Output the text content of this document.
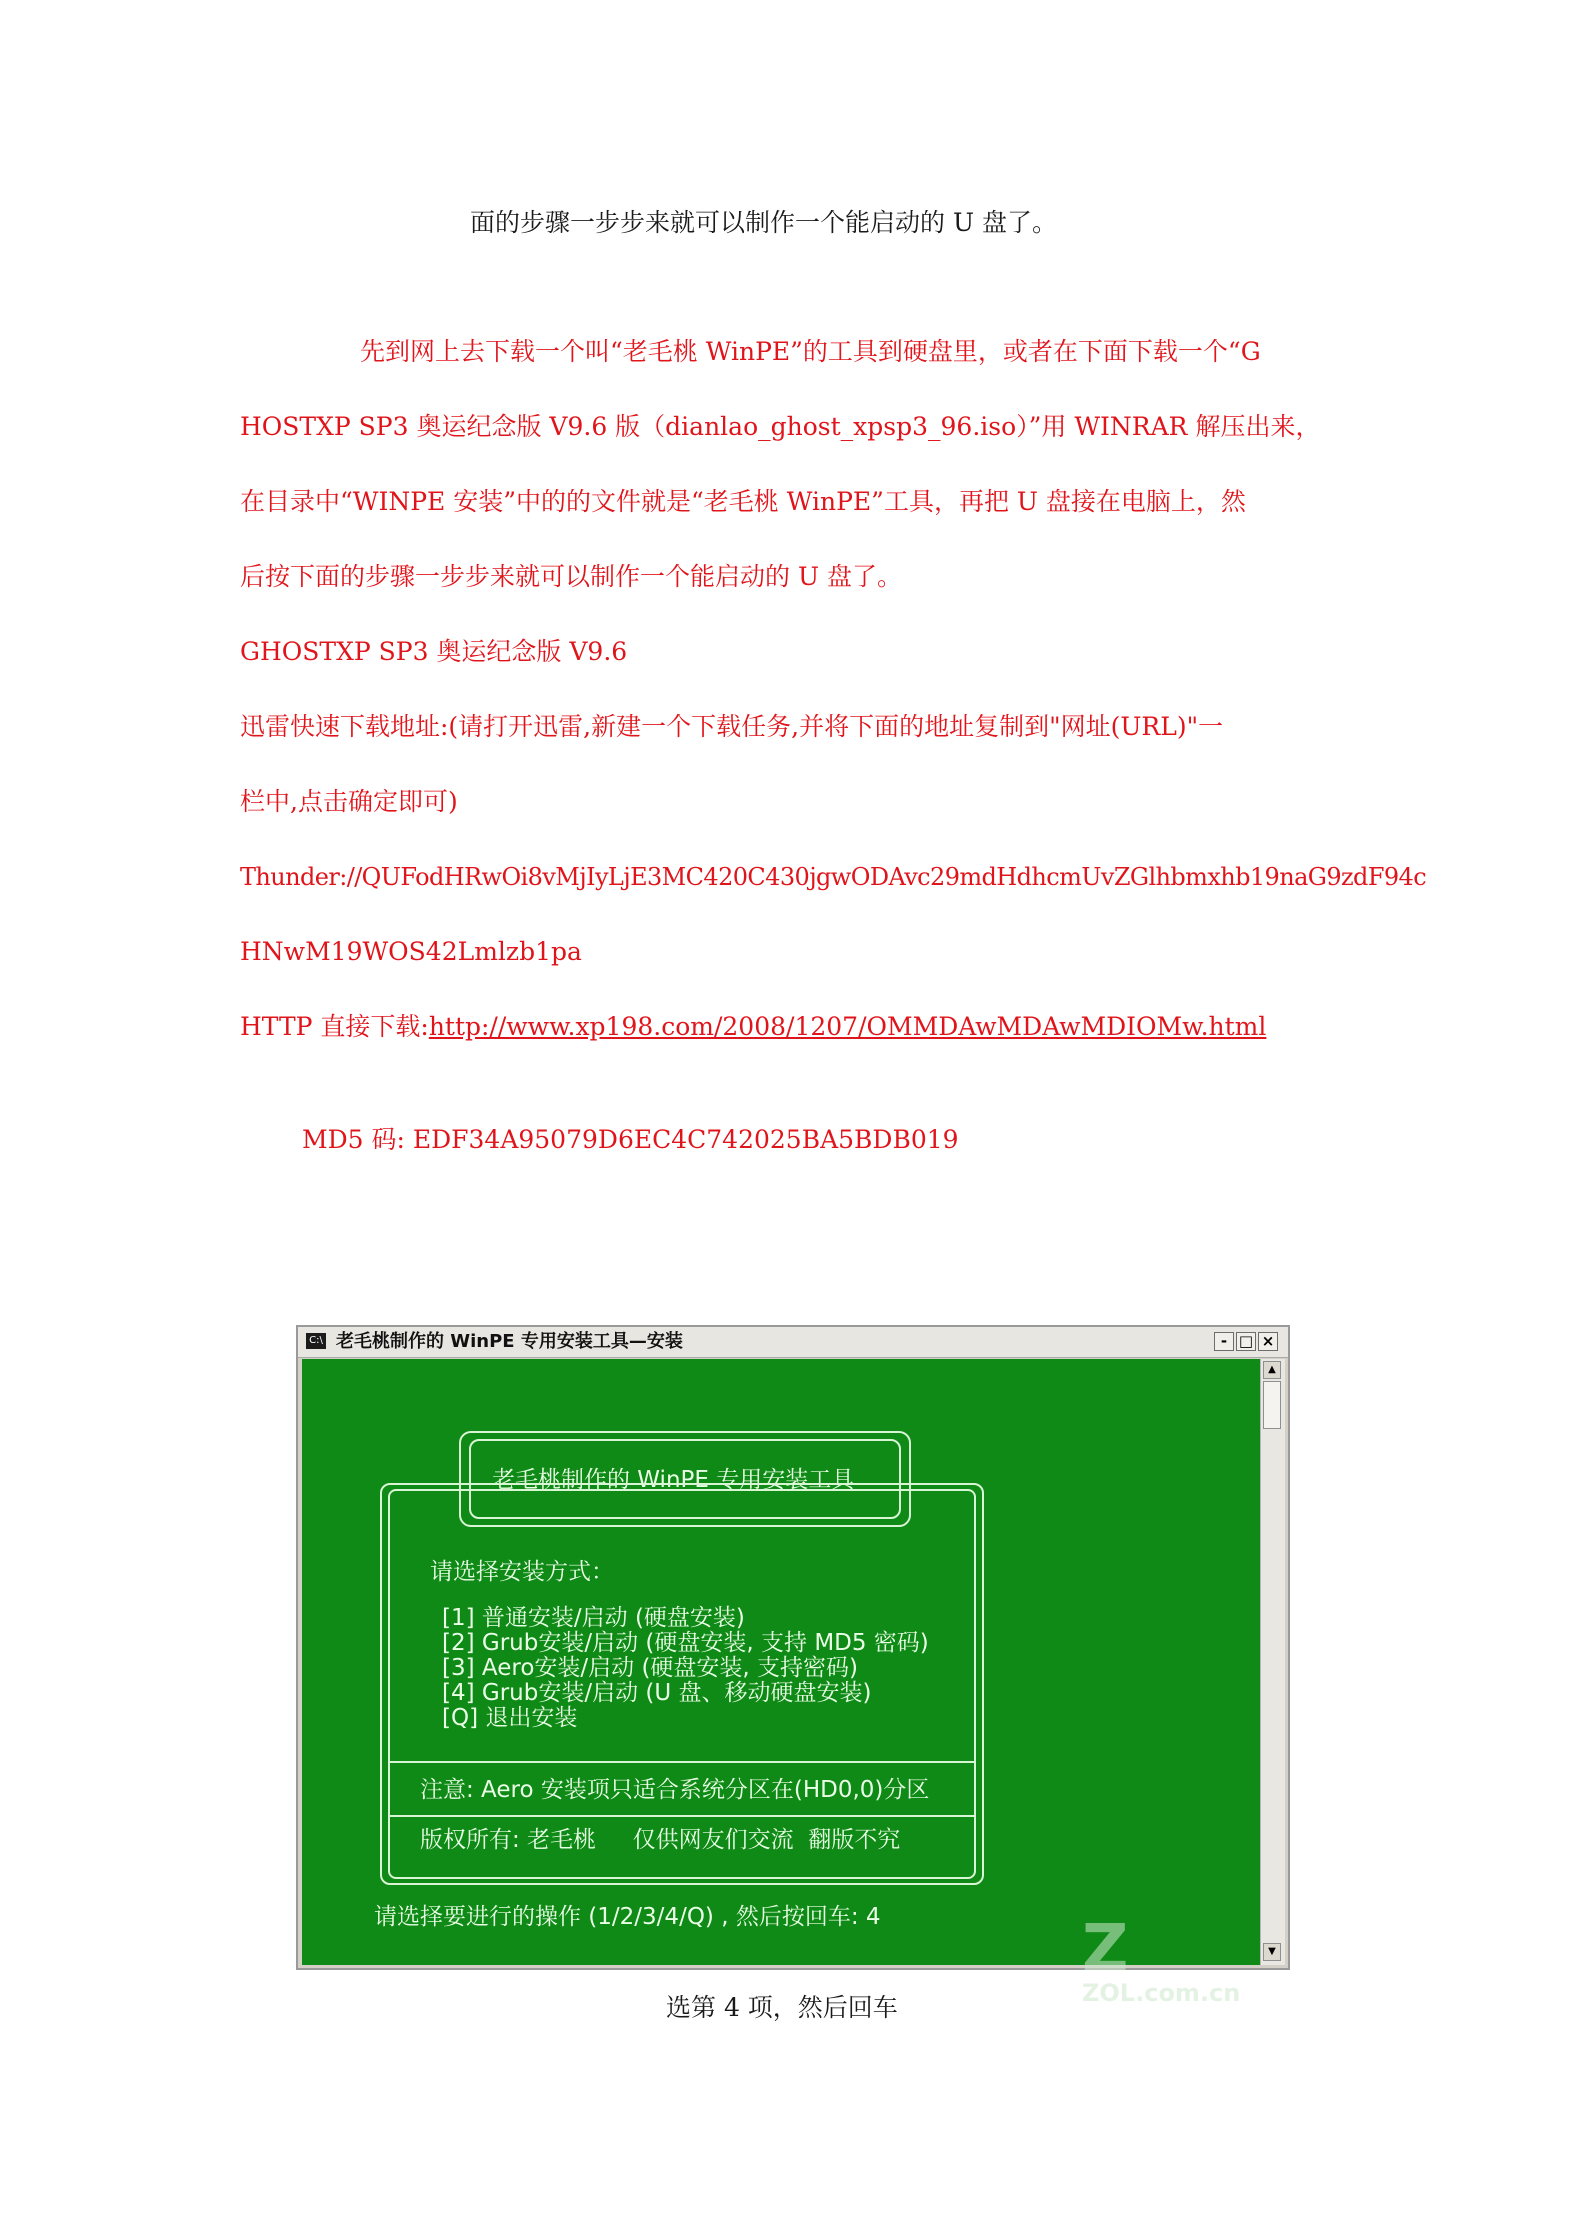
面的步骤一步步来就可以制作一个能启动的 U 盘了。
先到网上去下载一个叫“老毛桃 WinPE”的工具到硬盘里，或者在下面下载一个“G
HOSTXP SP3 奥运纪念版 V9.6 版（dianlao_ghost_xpsp3_96.iso）”用 WINRAR 解压出来，
在目录中“WINPE 安装”中的的文件就是“老毛桃 WinPE”工具，再把 U 盘接在电脑上，然
后按下面的步骤一步步来就可以制作一个能启动的 U 盘了。
GHOSTXP SP3 奥运纪念版 V9.6
迅雷快速下载地址:(请打开迅雷,新建一个下载任务,并将下面的地址复制到"网址(URL)"一
栏中,点击确定即可)
Thunder://QUFodHRwOi8vMjIyLjE3MC420C430jgwODAvc29mdHdhcmUvZGlhbmxhb19naG9zdF94c
HNwM19WOS42Lmlzb1pa
HTTP 直接下载:http://www.xp198.com/2008/1207/OMMDAwMDAwMDIOMw.html
MD5 码: EDF34A95079D6EC4C742025BA5BDB019
C:\ 老毛桃制作的 WinPE 专用安装工具—安装	- □ ×
老毛桃制作的 WinPE 专用安装工具
请选择安装方式：
[1] 普通安装/启动 (硬盘安装)
[2] Grub安装/启动 (硬盘安装, 支持 MD5 密码)
[3] Aero安装/启动 (硬盘安装, 支持密码)
[4] Grub安装/启动 (U 盘、移动硬盘安装)
[Q] 退出安装
注意: Aero 安装项只适合系统分区在(HD0,0)分区
版权所有: 老毛桃     仅供网友们交流  翻版不究
请选择要进行的操作 (1/2/3/4/Q) , 然后按回车: 4	Z ZOL.com.cn
▲
▼
选第 4 项，然后回车
